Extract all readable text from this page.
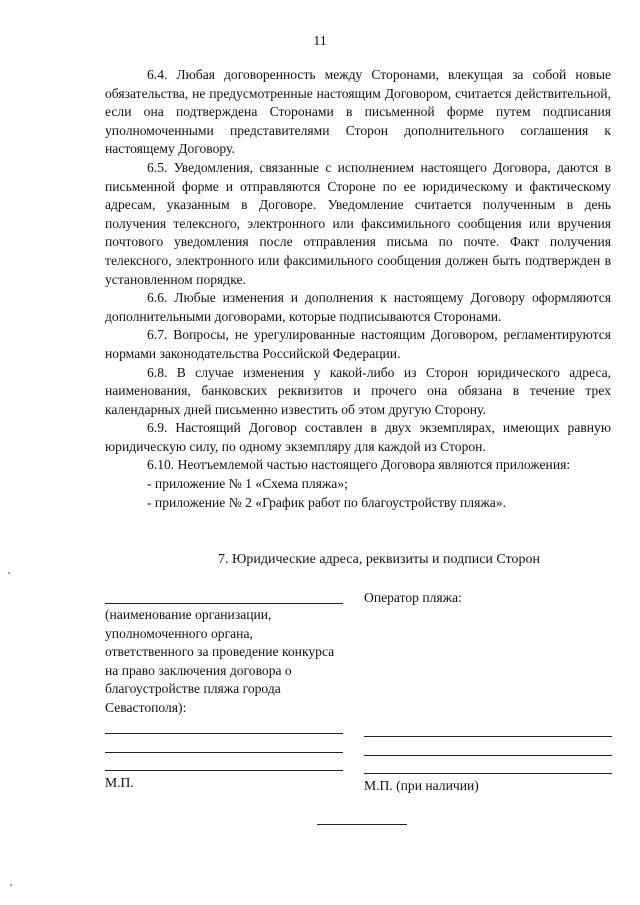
11

6.4. Любая договоренность между Сторонами, влекущая за собой новые обязательства, не предусмотренные настоящим Договором, считается действительной, если она подтверждена Сторонами в письменной форме путем подписания уполномоченными представителями Сторон дополнительного соглашения к настоящему Договору.

6.5. Уведомления, связанные с исполнением настоящего Договора, даются в письменной форме и отправляются Стороне по ее юридическому и фактическому адресам, указанным в Договоре. Уведомление считается полученным в день получения телексного, электронного или факсимильного сообщения или вручения почтового уведомления после отправления письма по почте. Факт получения телексного, электронного или факсимильного сообщения должен быть подтвержден в установленном порядке.

6.6. Любые изменения и дополнения к настоящему Договору оформляются дополнительными договорами, которые подписываются Сторонами.

6.7. Вопросы, не урегулированные настоящим Договором, регламентируются нормами законодательства Российской Федерации.

6.8. В случае изменения у какой-либо из Сторон юридического адреса, наименования, банковских реквизитов и прочего она обязана в течение трех календарных дней письменно известить об этом другую Сторону.

6.9. Настоящий Договор составлен в двух экземплярах, имеющих равную юридическую силу, по одному экземпляру для каждой из Сторон.

6.10. Неотъемлемой частью настоящего Договора являются приложения:

- приложение № 1 «Схема пляжа»;

- приложение № 2 «График работ по благоустройству пляжа».

7. Юридические адреса, реквизиты и подписи Сторон
(наименование организации, уполномоченного органа, ответственного за проведение конкурса на право заключения договора о благоустройстве пляжа города Севастополя):
М.П.
Оператор пляжа:
М.П. (при наличии)
